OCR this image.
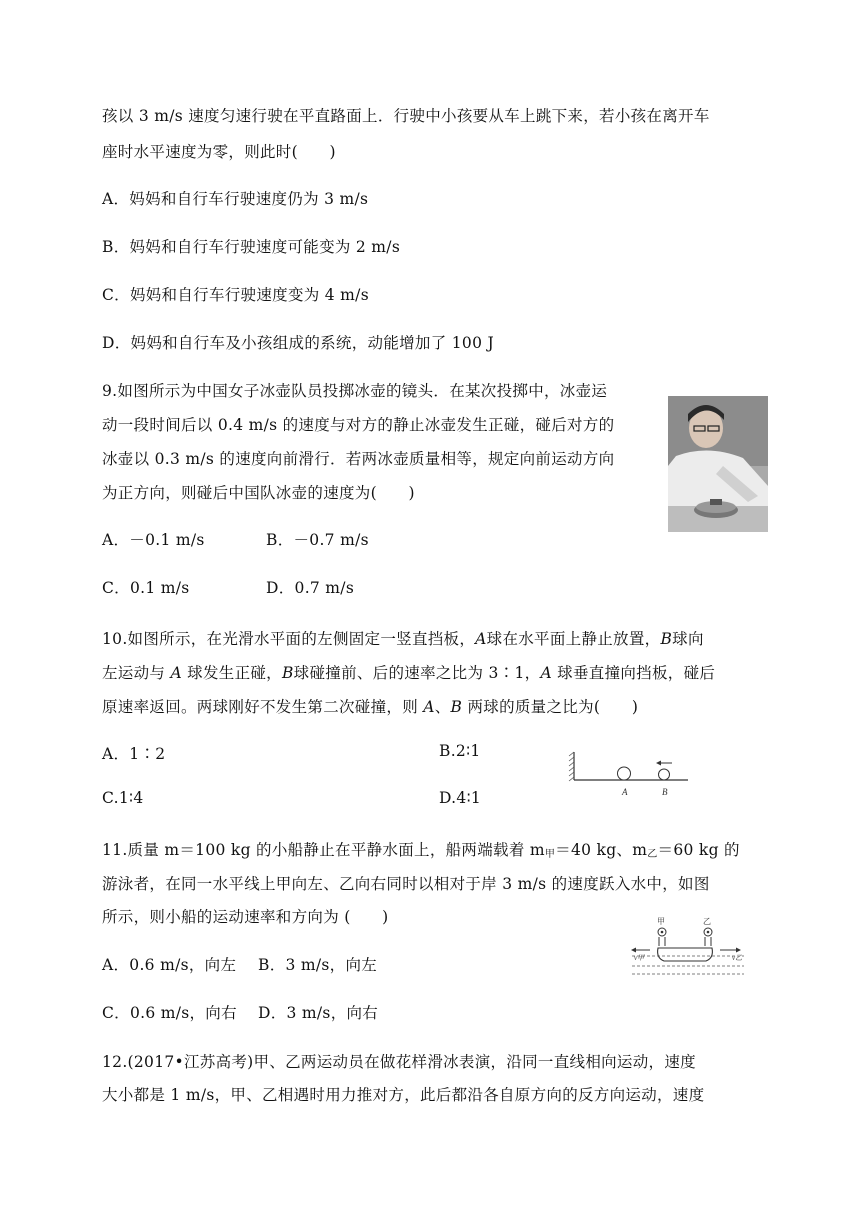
孩以 3 m/s 速度匀速行驶在平直路面上．行驶中小孩要从车上跳下来，若小孩在离开车
座时水平速度为零，则此时(　　)
A．妈妈和自行车行驶速度仍为 3 m/s
B．妈妈和自行车行驶速度可能变为 2 m/s
C．妈妈和自行车行驶速度变为 4 m/s
D．妈妈和自行车及小孩组成的系统，动能增加了 100 J
9.如图所示为中国女子冰壶队员投掷冰壶的镜头．在某次投掷中，冰壶运
动一段时间后以 0.4 m/s 的速度与对方的静止冰壶发生正碰，碰后对方的
冰壶以 0.3 m/s 的速度向前滑行．若两冰壶质量相等，规定向前运动方向
为正方向，则碰后中国队冰壶的速度为(　　)
A．－0.1 m/s	B．－0.7 m/s
C．0.1 m/s	D．0.7 m/s
10.如图所示，在光滑水平面的左侧固定一竖直挡板，A球在水平面上静止放置，B球向
左运动与 A 球发生正碰，B球碰撞前、后的速率之比为 3∶1，A 球垂直撞向挡板，碰后
原速率返回。两球刚好不发生第二次碰撞，则 A、B 两球的质量之比为(　　)
A．1∶2	B.2∶1
C.1∶4	D.4∶1	A	B
11.质量 m＝100 kg 的小船静止在平静水面上，船两端载着 $m_甲=40$ kg、$m_乙=60$ kg 的
游泳者，在同一水平线上甲向左、乙向右同时以相对于岸 3 m/s 的速度跃入水中，如图
所示，则小船的运动速率和方向为 (　　)
A．0.6 m/s，向左 B．3 m/s，向左
C．0.6 m/s，向右 D．3 m/s，向右
甲	乙
v甲	v乙
12.(2017•江苏高考)甲、乙两运动员在做花样滑冰表演，沿同一直线相向运动，速度
大小都是 1 m/s，甲、乙相遇时用力推对方，此后都沿各自原方向的反方向运动，速度
